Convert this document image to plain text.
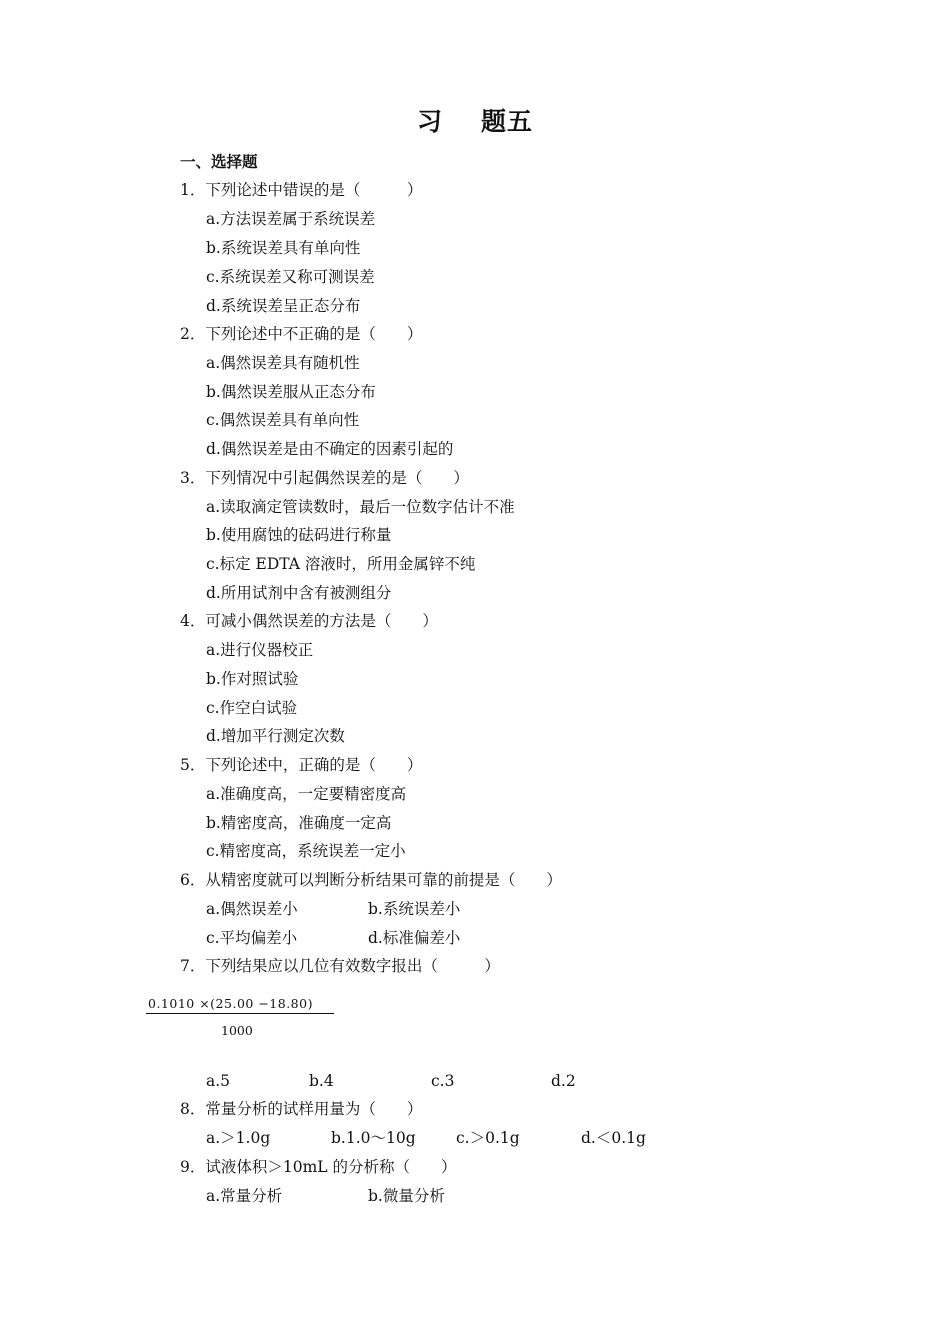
习 题五
一、选择题
1．下列论述中错误的是（　　　）
a.方法误差属于系统误差
b.系统误差具有单向性
c.系统误差又称可测误差
d.系统误差呈正态分布
2．下列论述中不正确的是（　　）
a.偶然误差具有随机性
b.偶然误差服从正态分布
c.偶然误差具有单向性
d.偶然误差是由不确定的因素引起的
3．下列情况中引起偶然误差的是（　　）
a.读取滴定管读数时，最后一位数字估计不准
b.使用腐蚀的砝码进行称量
c.标定 EDTA 溶液时，所用金属锌不纯
d.所用试剂中含有被测组分
4．可减小偶然误差的方法是（　　）
a.进行仪器校正
b.作对照试验
c.作空白试验
d.增加平行测定次数
5．下列论述中，正确的是（　　）
a.准确度高，一定要精密度高
b.精密度高，准确度一定高
c.精密度高，系统误差一定小
6．从精密度就可以判断分析结果可靠的前提是（　　）
a.偶然误差小	b.系统误差小
c.平均偏差小	d.标准偏差小
7．下列结果应以几位有效数字报出（　　　）
0.1010 ×(25.00 −18.80)
1000
a.5	b.4	c.3	d.2
8．常量分析的试样用量为（　　）
a.＞1.0g	b.1.0～10g	c.＞0.1g	d.＜0.1g
9．试液体积＞10mL 的分析称（　　）
a.常量分析	b.微量分析
